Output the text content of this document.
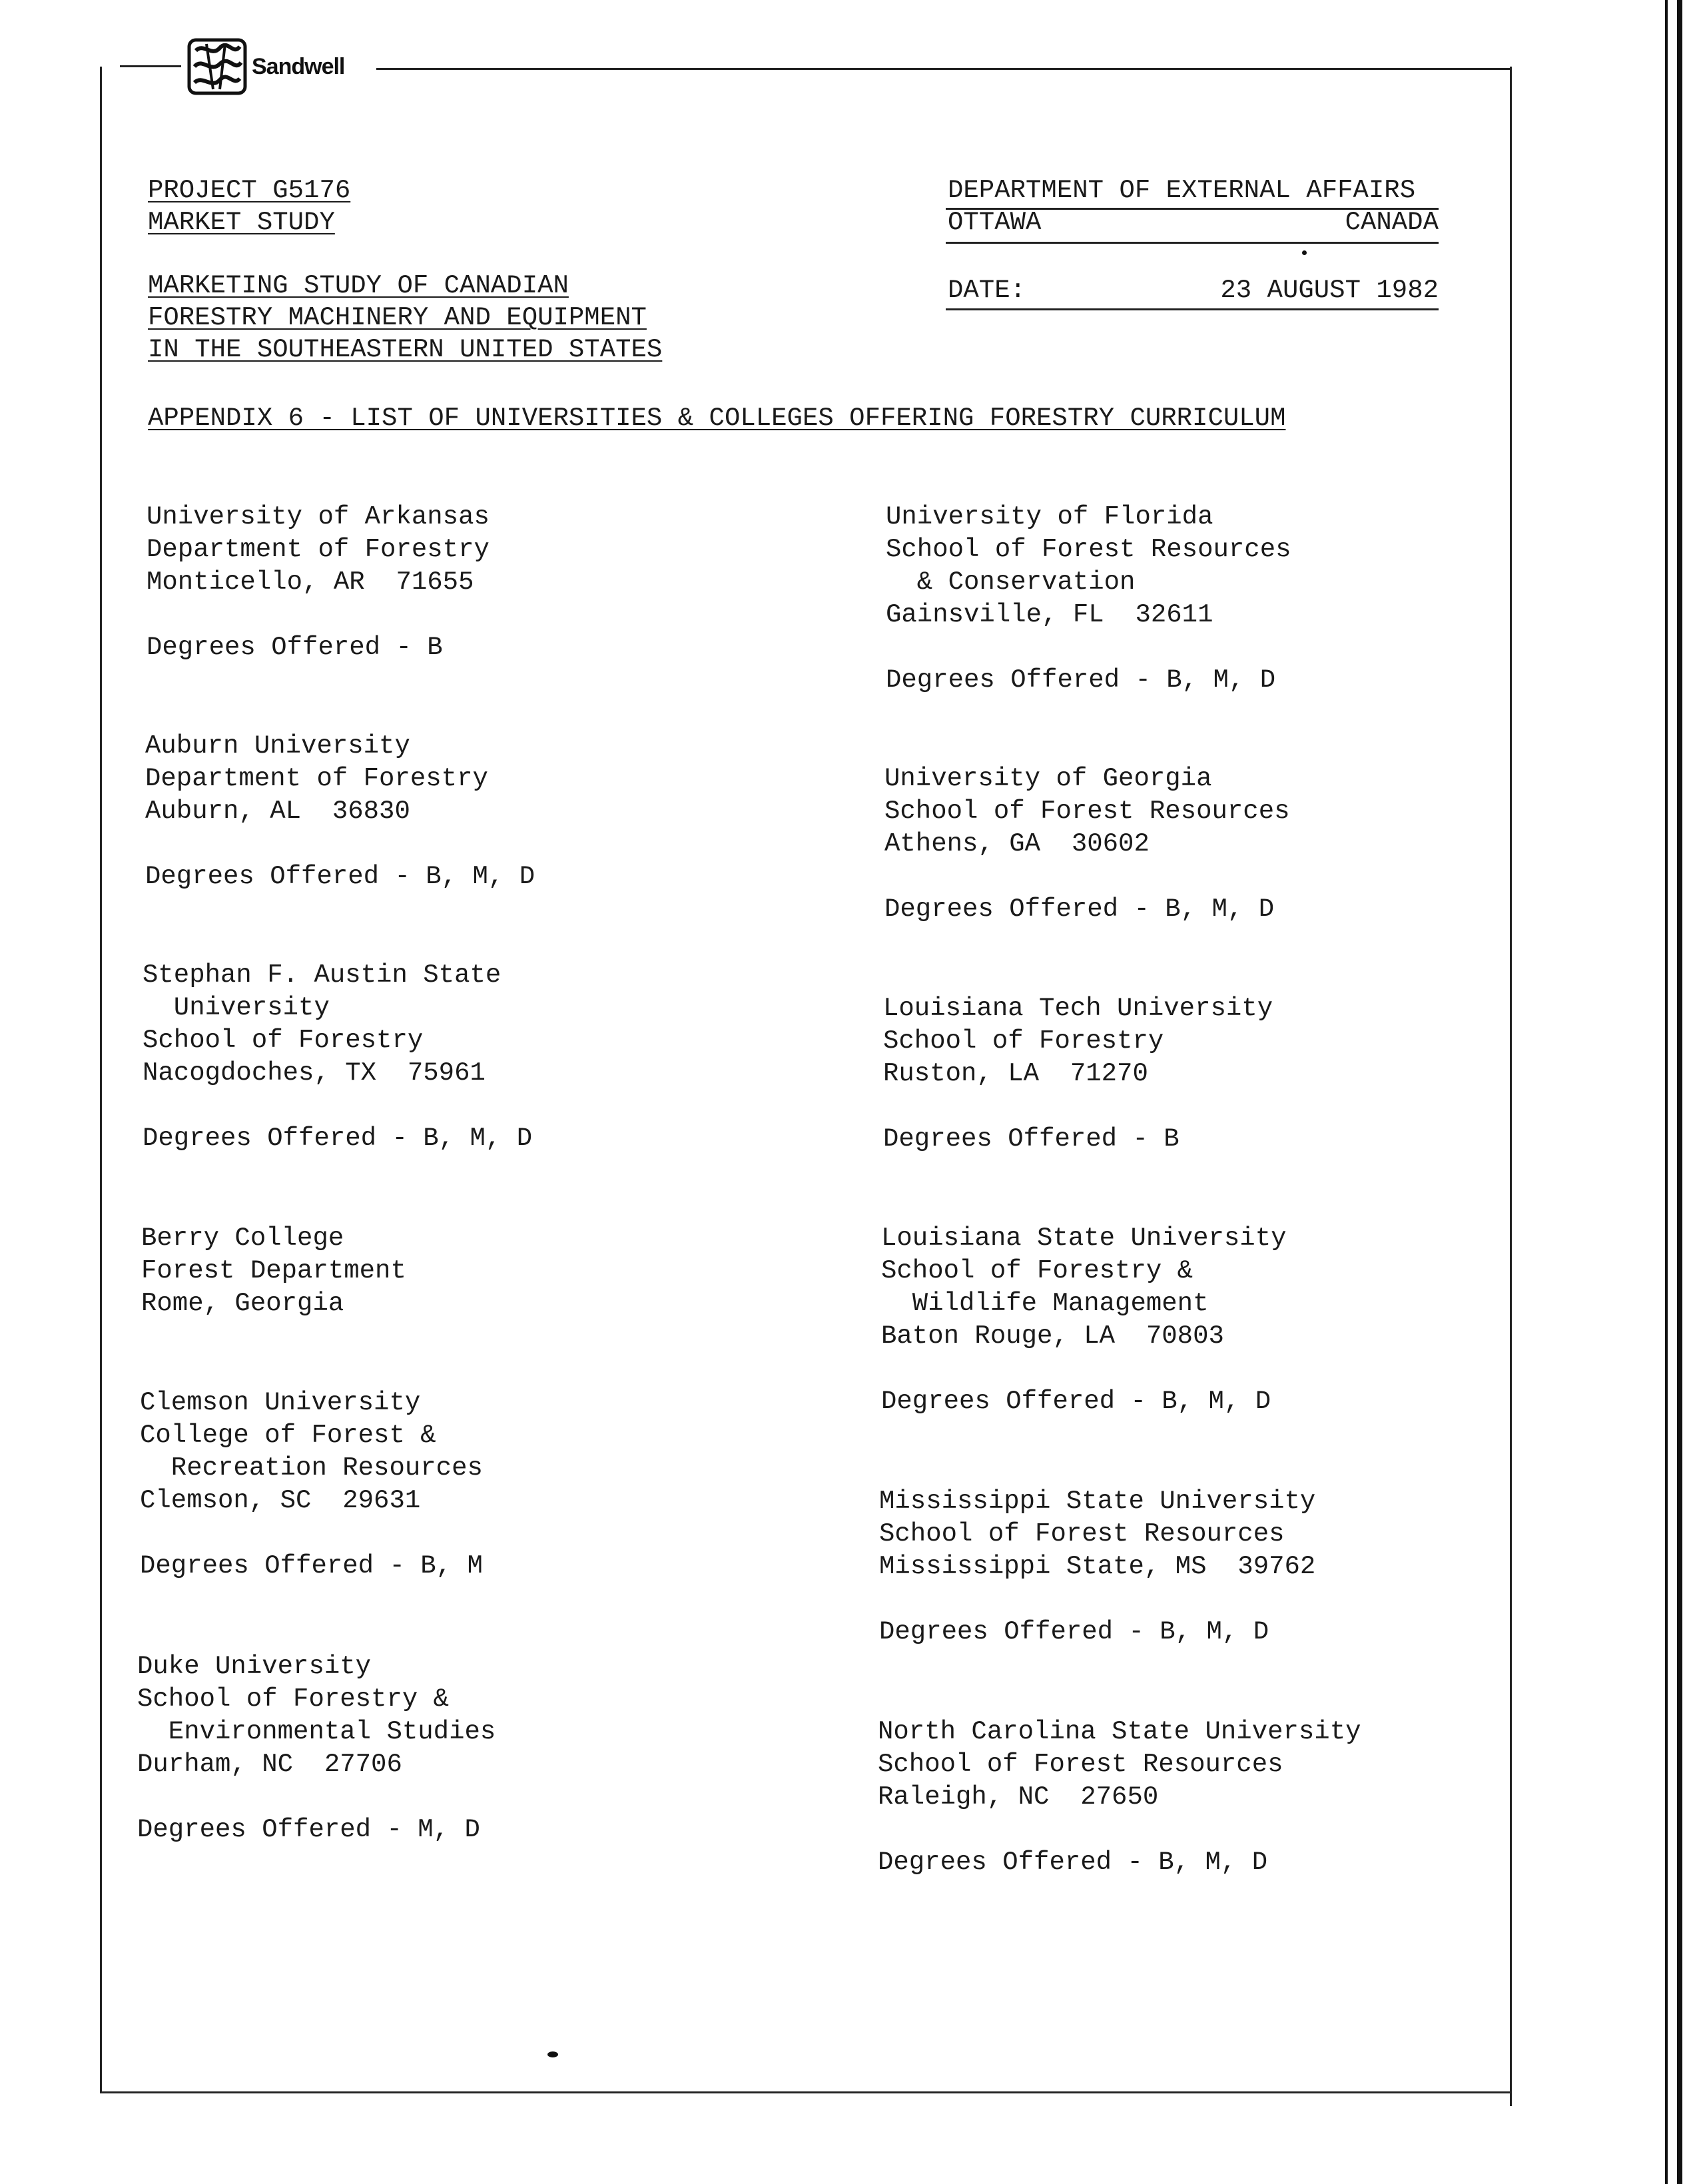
Sandwell
PROJECT G5176
MARKET STUDY
MARKETING STUDY OF CANADIAN
FORESTRY MACHINERY AND EQUIPMENT
IN THE SOUTHEASTERN UNITED STATES
DEPARTMENT OF EXTERNAL AFFAIRS
OTTAWA	CANADA
DATE:	23 AUGUST 1982
APPENDIX 6 - LIST OF UNIVERSITIES & COLLEGES OFFERING FORESTRY CURRICULUM
University of Arkansas
Department of Forestry
Monticello, AR  71655
Degrees Offered - B
Auburn University
Department of Forestry
Auburn, AL  36830
Degrees Offered - B, M, D
Stephan F. Austin State
University
School of Forestry
Nacogdoches, TX  75961
Degrees Offered - B, M, D
Berry College
Forest Department
Rome, Georgia
Clemson University
College of Forest &
Recreation Resources
Clemson, SC  29631
Degrees Offered - B, M
Duke University
School of Forestry &
Environmental Studies
Durham, NC  27706
Degrees Offered - M, D
University of Florida
School of Forest Resources
& Conservation
Gainsville, FL  32611
Degrees Offered - B, M, D
University of Georgia
School of Forest Resources
Athens, GA  30602
Degrees Offered - B, M, D
Louisiana Tech University
School of Forestry
Ruston, LA  71270
Degrees Offered - B
Louisiana State University
School of Forestry &
Wildlife Management
Baton Rouge, LA  70803
Degrees Offered - B, M, D
Mississippi State University
School of Forest Resources
Mississippi State, MS  39762
Degrees Offered - B, M, D
North Carolina State University
School of Forest Resources
Raleigh, NC  27650
Degrees Offered - B, M, D
